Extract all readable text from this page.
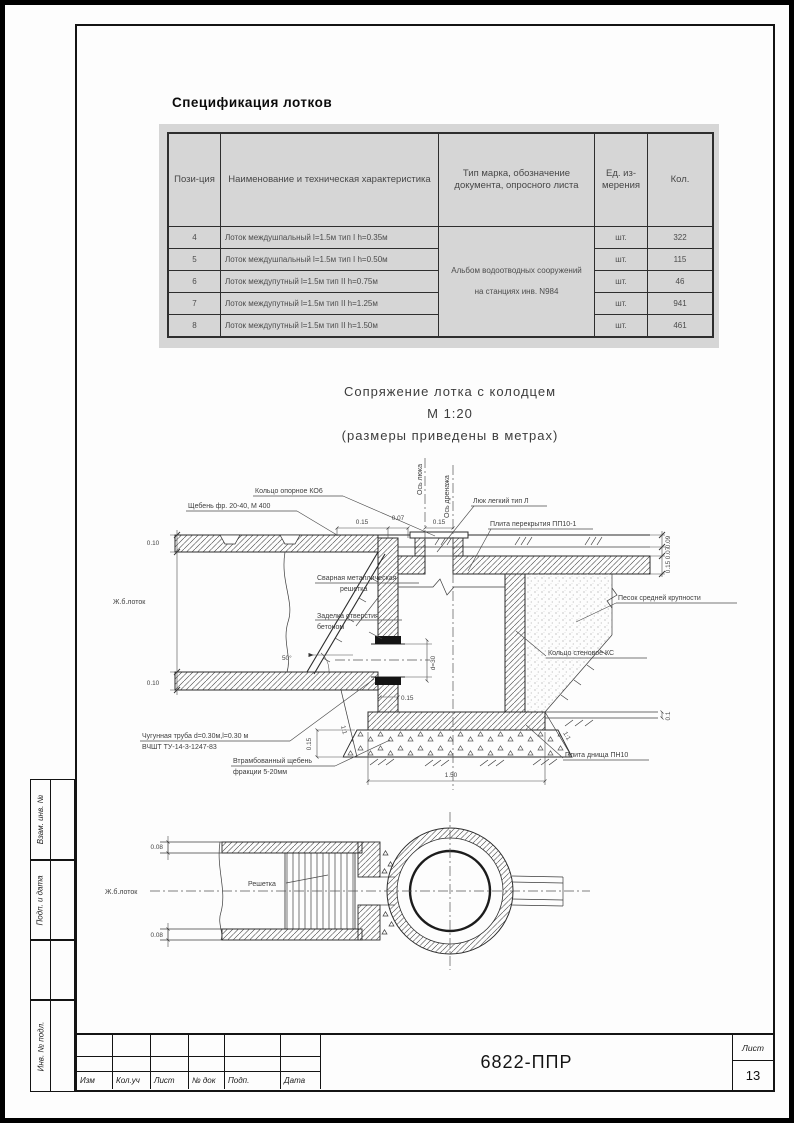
Спецификация лотков
Пози-ция	Наименование и техническая характеристика	Тип марка, обозначение документа, опросного листа	Ед. из-мерения	Кол.
4	Лоток междушпальный l=1.5м тип I h=0.35м	Альбом водоотводных сооружений
на станциях инв. N984	шт.	322
5	Лоток междушпальный l=1.5м тип I h=0.50м		шт.	115
6	Лоток междупутный l=1.5м тип II h=0.75м		шт.	46
7	Лоток междупутный l=1.5м тип II h=1.25м		шт.	941
8	Лоток междупутный l=1.5м тип II h=1.50м		шт.	461
Сопряжение лотка с колодцем
М 1:20
(размеры приведены в метрах)
50°	d=30
0.15
1:1
1:1
0.1
Ось люка	Ось дренажа
0.15
0.07
0.15
0.09
0.07
0.15
0.10
0.10
0.15
1.50
Кольцо опорное КО6
Щебень фр. 20-40, М 400
Люк легкий тип Л
Плита перекрытия ПП10-1
Ж.б.лоток
Сварная металлическая
решетка
Заделка отверстия
бетоном
Чугунная труба d=0.30м,l=0.30 м
ВЧШТ ТУ-14-3-1247-83
Втрамбованный щебень
фракции 5-20мм
Плита днища ПН10
Кольцо стеновое КС
Песок средней крупности
Ж.б.лоток
Решетка
0.08
0.08
Взам. инв. №
Подп. и дата
Инв. № подл.
Изм	Кол.уч	Лист	№ док	Подп.	Дата
6822-ППР
Лист
13
